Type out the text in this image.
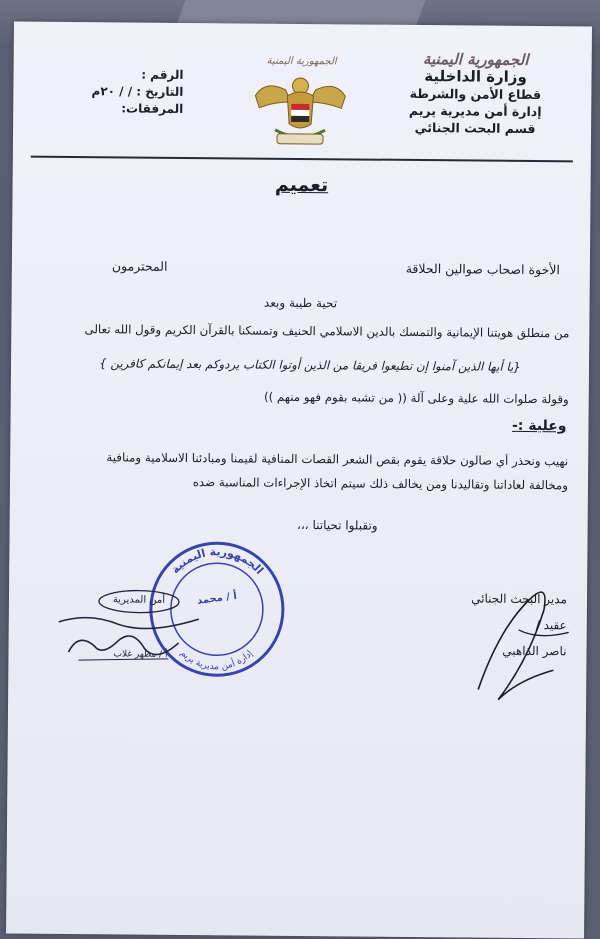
الجمهورية اليمنية
وزارة الداخلية
قطاع الأمن والشرطة
إدارة أمن مديرية يريم
قسم البحث الجنائي
الجمهورية اليمنية
الرقم :
التاريخ : / / ٢٠م
المرفقات:
تعميم
المحترمون	الأخوة اصحاب صوالين الحلاقة
تحية طيبة وبعد
من منطلق هويتنا الإيمانية والتمسك بالدين الاسلامي الحنيف وتمسكنا بالقرآن الكريم وقول الله تعالى
{يا أيها الذين آمنوا إن تطيعوا فريقا من الذين أوتوا الكتاب يردوكم بعد إيمانكم كافرين }
وقولة صلوات الله علية وعلى آلة (( من تشبه بقوم فهو منهم ))
وعلية :-
نهيب ونحذر أي صالون حلاقة يقوم بقص الشعر القصات المنافية لقيمنا ومبادئنا الاسلامية ومنافية
ومخالفة لعاداتنا وتقاليدنا ومن يخالف ذلك سيتم اتخاذ الإجراءات المناسبة ضده
وتقبلوا تحياتنا ،،،
مدير البحث الجنائي
عقيد /
ناصر الذاهبي
الجمهورية اليمنية
إدارة أمن مديرية يريم
أ / محمد
أمن المديرية
أ / مطهر غلاب
